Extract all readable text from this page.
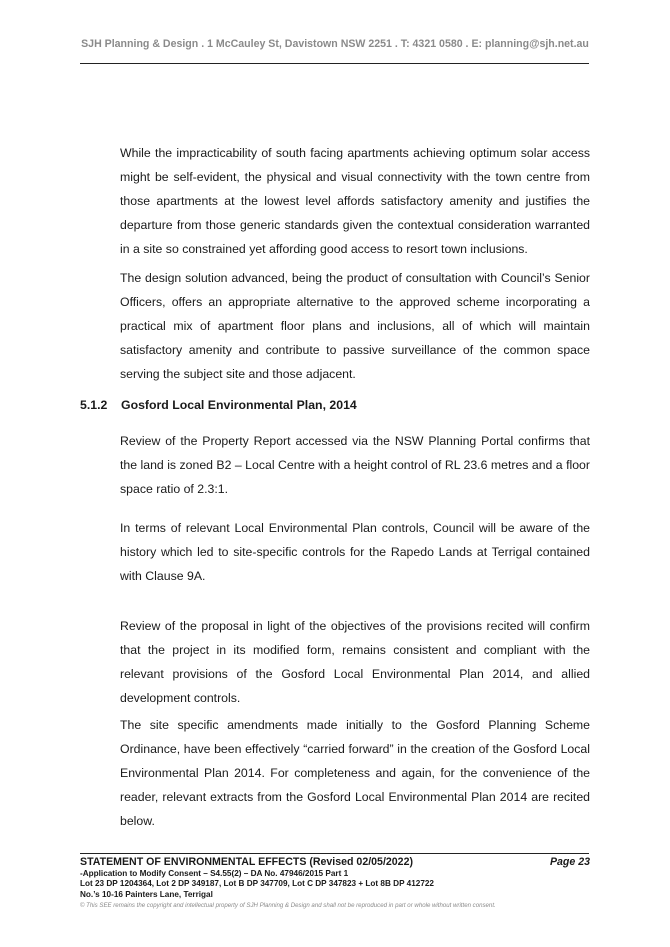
SJH Planning & Design . 1 McCauley St, Davistown NSW 2251 . T: 4321 0580 . E: planning@sjh.net.au

While the impracticability of south facing apartments achieving optimum solar access might be self-evident, the physical and visual connectivity with the town centre from those apartments at the lowest level affords satisfactory amenity and justifies the departure from those generic standards given the contextual consideration warranted in a site so constrained yet affording good access to resort town inclusions.

The design solution advanced, being the product of consultation with Council’s Senior Officers, offers an appropriate alternative to the approved scheme incorporating a practical mix of apartment floor plans and inclusions, all of which will maintain satisfactory amenity and contribute to passive surveillance of the common space serving the subject site and those adjacent.

5.1.2 Gosford Local Environmental Plan, 2014

Review of the Property Report accessed via the NSW Planning Portal confirms that the land is zoned B2 – Local Centre with a height control of RL 23.6 metres and a floor space ratio of 2.3:1.

In terms of relevant Local Environmental Plan controls, Council will be aware of the history which led to site-specific controls for the Rapedo Lands at Terrigal contained with Clause 9A.

Review of the proposal in light of the objectives of the provisions recited will confirm that the project in its modified form, remains consistent and compliant with the relevant provisions of the Gosford Local Environmental Plan 2014, and allied development controls.

The site specific amendments made initially to the Gosford Planning Scheme Ordinance, have been effectively “carried forward” in the creation of the Gosford Local Environmental Plan 2014. For completeness and again, for the convenience of the reader, relevant extracts from the Gosford Local Environmental Plan 2014 are recited below.

STATEMENT OF ENVIRONMENTAL EFFECTS (Revised 02/05/2022)	Page 23
-Application to Modify Consent – S4.55(2) – DA No. 47946/2015 Part 1
Lot 23 DP 1204364, Lot 2 DP 349187, Lot B DP 347709, Lot C DP 347823 + Lot 8B DP 412722
No.’s 10-16 Painters Lane, Terrigal
© This SEE remains the copyright and intellectual property of SJH Planning & Design and shall not be reproduced in part or whole without written consent.
